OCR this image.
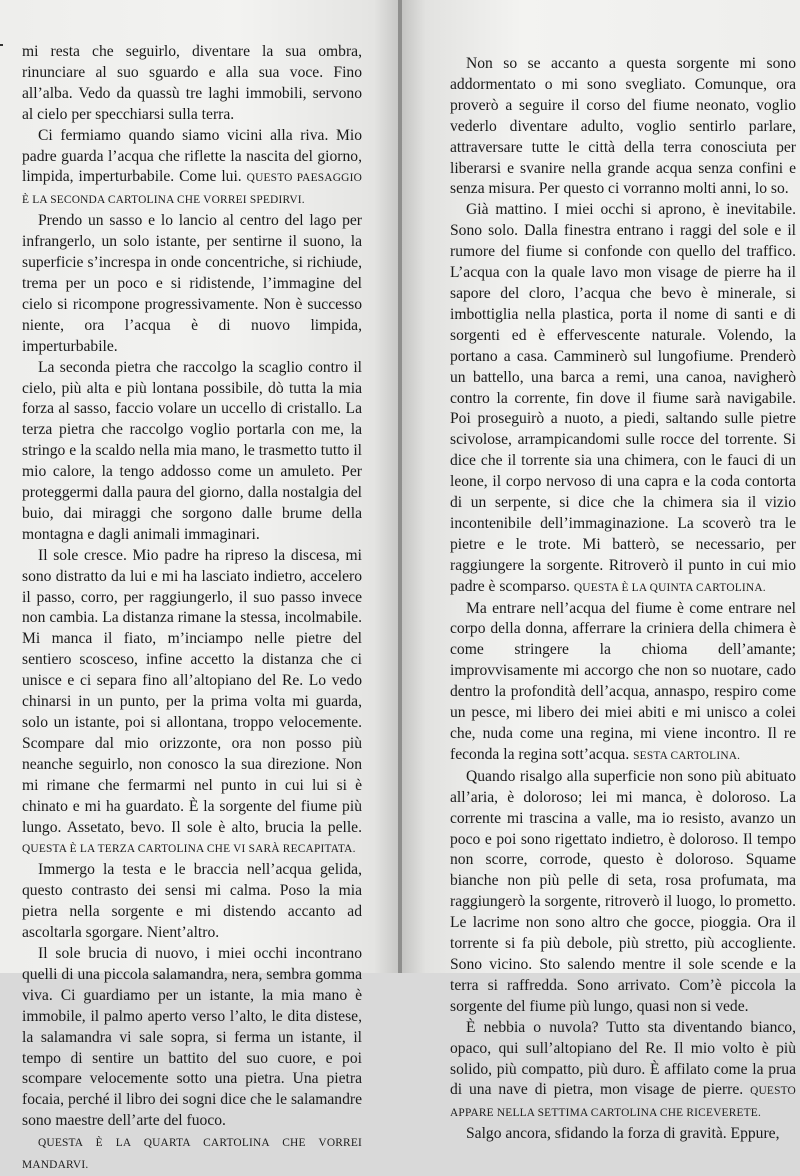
mi resta che seguirlo, diventare la sua ombra, rinunciare al suo sguardo e alla sua voce. Fino all’alba. Vedo da quassù tre laghi immobili, servono al cielo per specchiarsi sulla terra.

Ci fermiamo quando siamo vicini alla riva. Mio padre guarda l’acqua che riflette la nascita del giorno, limpida, imperturbabile. Come lui. QUESTO PAESAGGIO È LA SECONDA CARTOLINA CHE VORREI SPEDIRVI.

Prendo un sasso e lo lancio al centro del lago per infrangerlo, un solo istante, per sentirne il suono, la superficie s’increspa in onde concentriche, si richiude, trema per un poco e si ridistende, l’immagine del cielo si ricompone progressivamente. Non è successo niente, ora l’acqua è di nuovo limpida, imperturbabile.

La seconda pietra che raccolgo la scaglio contro il cielo, più alta e più lontana possibile, dò tutta la mia forza al sasso, faccio volare un uccello di cristallo. La terza pietra che raccolgo voglio portarla con me, la stringo e la scaldo nella mia mano, le trasmetto tutto il mio calore, la tengo addosso come un amuleto. Per proteggermi dalla paura del giorno, dalla nostalgia del buio, dai miraggi che sorgono dalle brume della montagna e dagli animali immaginari.

Il sole cresce. Mio padre ha ripreso la discesa, mi sono distratto da lui e mi ha lasciato indietro, accelero il passo, corro, per raggiungerlo, il suo passo invece non cambia. La distanza rimane la stessa, incolmabile. Mi manca il fiato, m’inciampo nelle pietre del sentiero scosceso, infine accetto la distanza che ci unisce e ci separa fino all’altopiano del Re. Lo vedo chinarsi in un punto, per la prima volta mi guarda, solo un istante, poi si allontana, troppo velocemente. Scompare dal mio orizzonte, ora non posso più neanche seguirlo, non conosco la sua direzione. Non mi rimane che fermarmi nel punto in cui lui si è chinato e mi ha guardato. È la sorgente del fiume più lungo. Assetato, bevo. Il sole è alto, brucia la pelle. QUESTA È LA TERZA CARTOLINA CHE VI SARÀ RECAPITATA.

Immergo la testa e le braccia nell’acqua gelida, questo contrasto dei sensi mi calma. Poso la mia pietra nella sorgente e mi distendo accanto ad ascoltarla sgorgare. Nient’altro.

Il sole brucia di nuovo, i miei occhi incontrano quelli di una piccola salamandra, nera, sembra gomma viva. Ci guardiamo per un istante, la mia mano è immobile, il palmo aperto verso l’alto, le dita distese, la salamandra vi sale sopra, si ferma un istante, il tempo di sentire un battito del suo cuore, e poi scompare velocemente sotto una pietra. Una pietra focaia, perché il libro dei sogni dice che le salamandre sono maestre dell’arte del fuoco.

QUESTA È LA QUARTA CARTOLINA CHE VORREI MANDARVI.

Non so se accanto a questa sorgente mi sono addormentato o mi sono svegliato. Comunque, ora proverò a seguire il corso del fiume neonato, voglio vederlo diventare adulto, voglio sentirlo parlare, attraversare tutte le città della terra conosciuta per liberarsi e svanire nella grande acqua senza confini e senza misura. Per questo ci vorranno molti anni, lo so.

Già mattino. I miei occhi si aprono, è inevitabile. Sono solo. Dalla finestra entrano i raggi del sole e il rumore del fiume si confonde con quello del traffico. L’acqua con la quale lavo mon visage de pierre ha il sapore del cloro, l’acqua che bevo è minerale, si imbottiglia nella plastica, porta il nome di santi e di sorgenti ed è effervescente naturale. Volendo, la portano a casa. Camminerò sul lungofiume. Prenderò un battello, una barca a remi, una canoa, navigherò contro la corrente, fin dove il fiume sarà navigabile. Poi proseguirò a nuoto, a piedi, saltando sulle pietre scivolose, arrampicandomi sulle rocce del torrente. Si dice che il torrente sia una chimera, con le fauci di un leone, il corpo nervoso di una capra e la coda contorta di un serpente, si dice che la chimera sia il vizio incontenibile dell’immaginazione. La scoverò tra le pietre e le trote. Mi batterò, se necessario, per raggiungere la sorgente. Ritroverò il punto in cui mio padre è scomparso. QUESTA È LA QUINTA CARTOLINA.

Ma entrare nell’acqua del fiume è come entrare nel corpo della donna, afferrare la criniera della chimera è come stringere la chioma dell’amante; improvvisamente mi accorgo che non so nuotare, cado dentro la profondità dell’acqua, annaspo, respiro come un pesce, mi libero dei miei abiti e mi unisco a colei che, nuda come una regina, mi viene incontro. Il re feconda la regina sott’acqua. SESTA CARTOLINA.

Quando risalgo alla superficie non sono più abituato all’aria, è doloroso; lei mi manca, è doloroso. La corrente mi trascina a valle, ma io resisto, avanzo un poco e poi sono rigettato indietro, è doloroso. Il tempo non scorre, corrode, questo è doloroso. Squame bianche non più pelle di seta, rosa profumata, ma raggiungerò la sorgente, ritroverò il luogo, lo prometto. Le lacrime non sono altro che gocce, pioggia. Ora il torrente si fa più debole, più stretto, più accogliente. Sono vicino. Sto salendo mentre il sole scende e la terra si raffredda. Sono arrivato. Com’è piccola la sorgente del fiume più lungo, quasi non si vede.

È nebbia o nuvola? Tutto sta diventando bianco, opaco, qui sull’altopiano del Re. Il mio volto è più solido, più compatto, più duro. È affilato come la prua di una nave di pietra, mon visage de pierre. QUESTO APPARE NELLA SETTIMA CARTOLINA CHE RICEVERETE.

Salgo ancora, sfidando la forza di gravità. Eppure,
